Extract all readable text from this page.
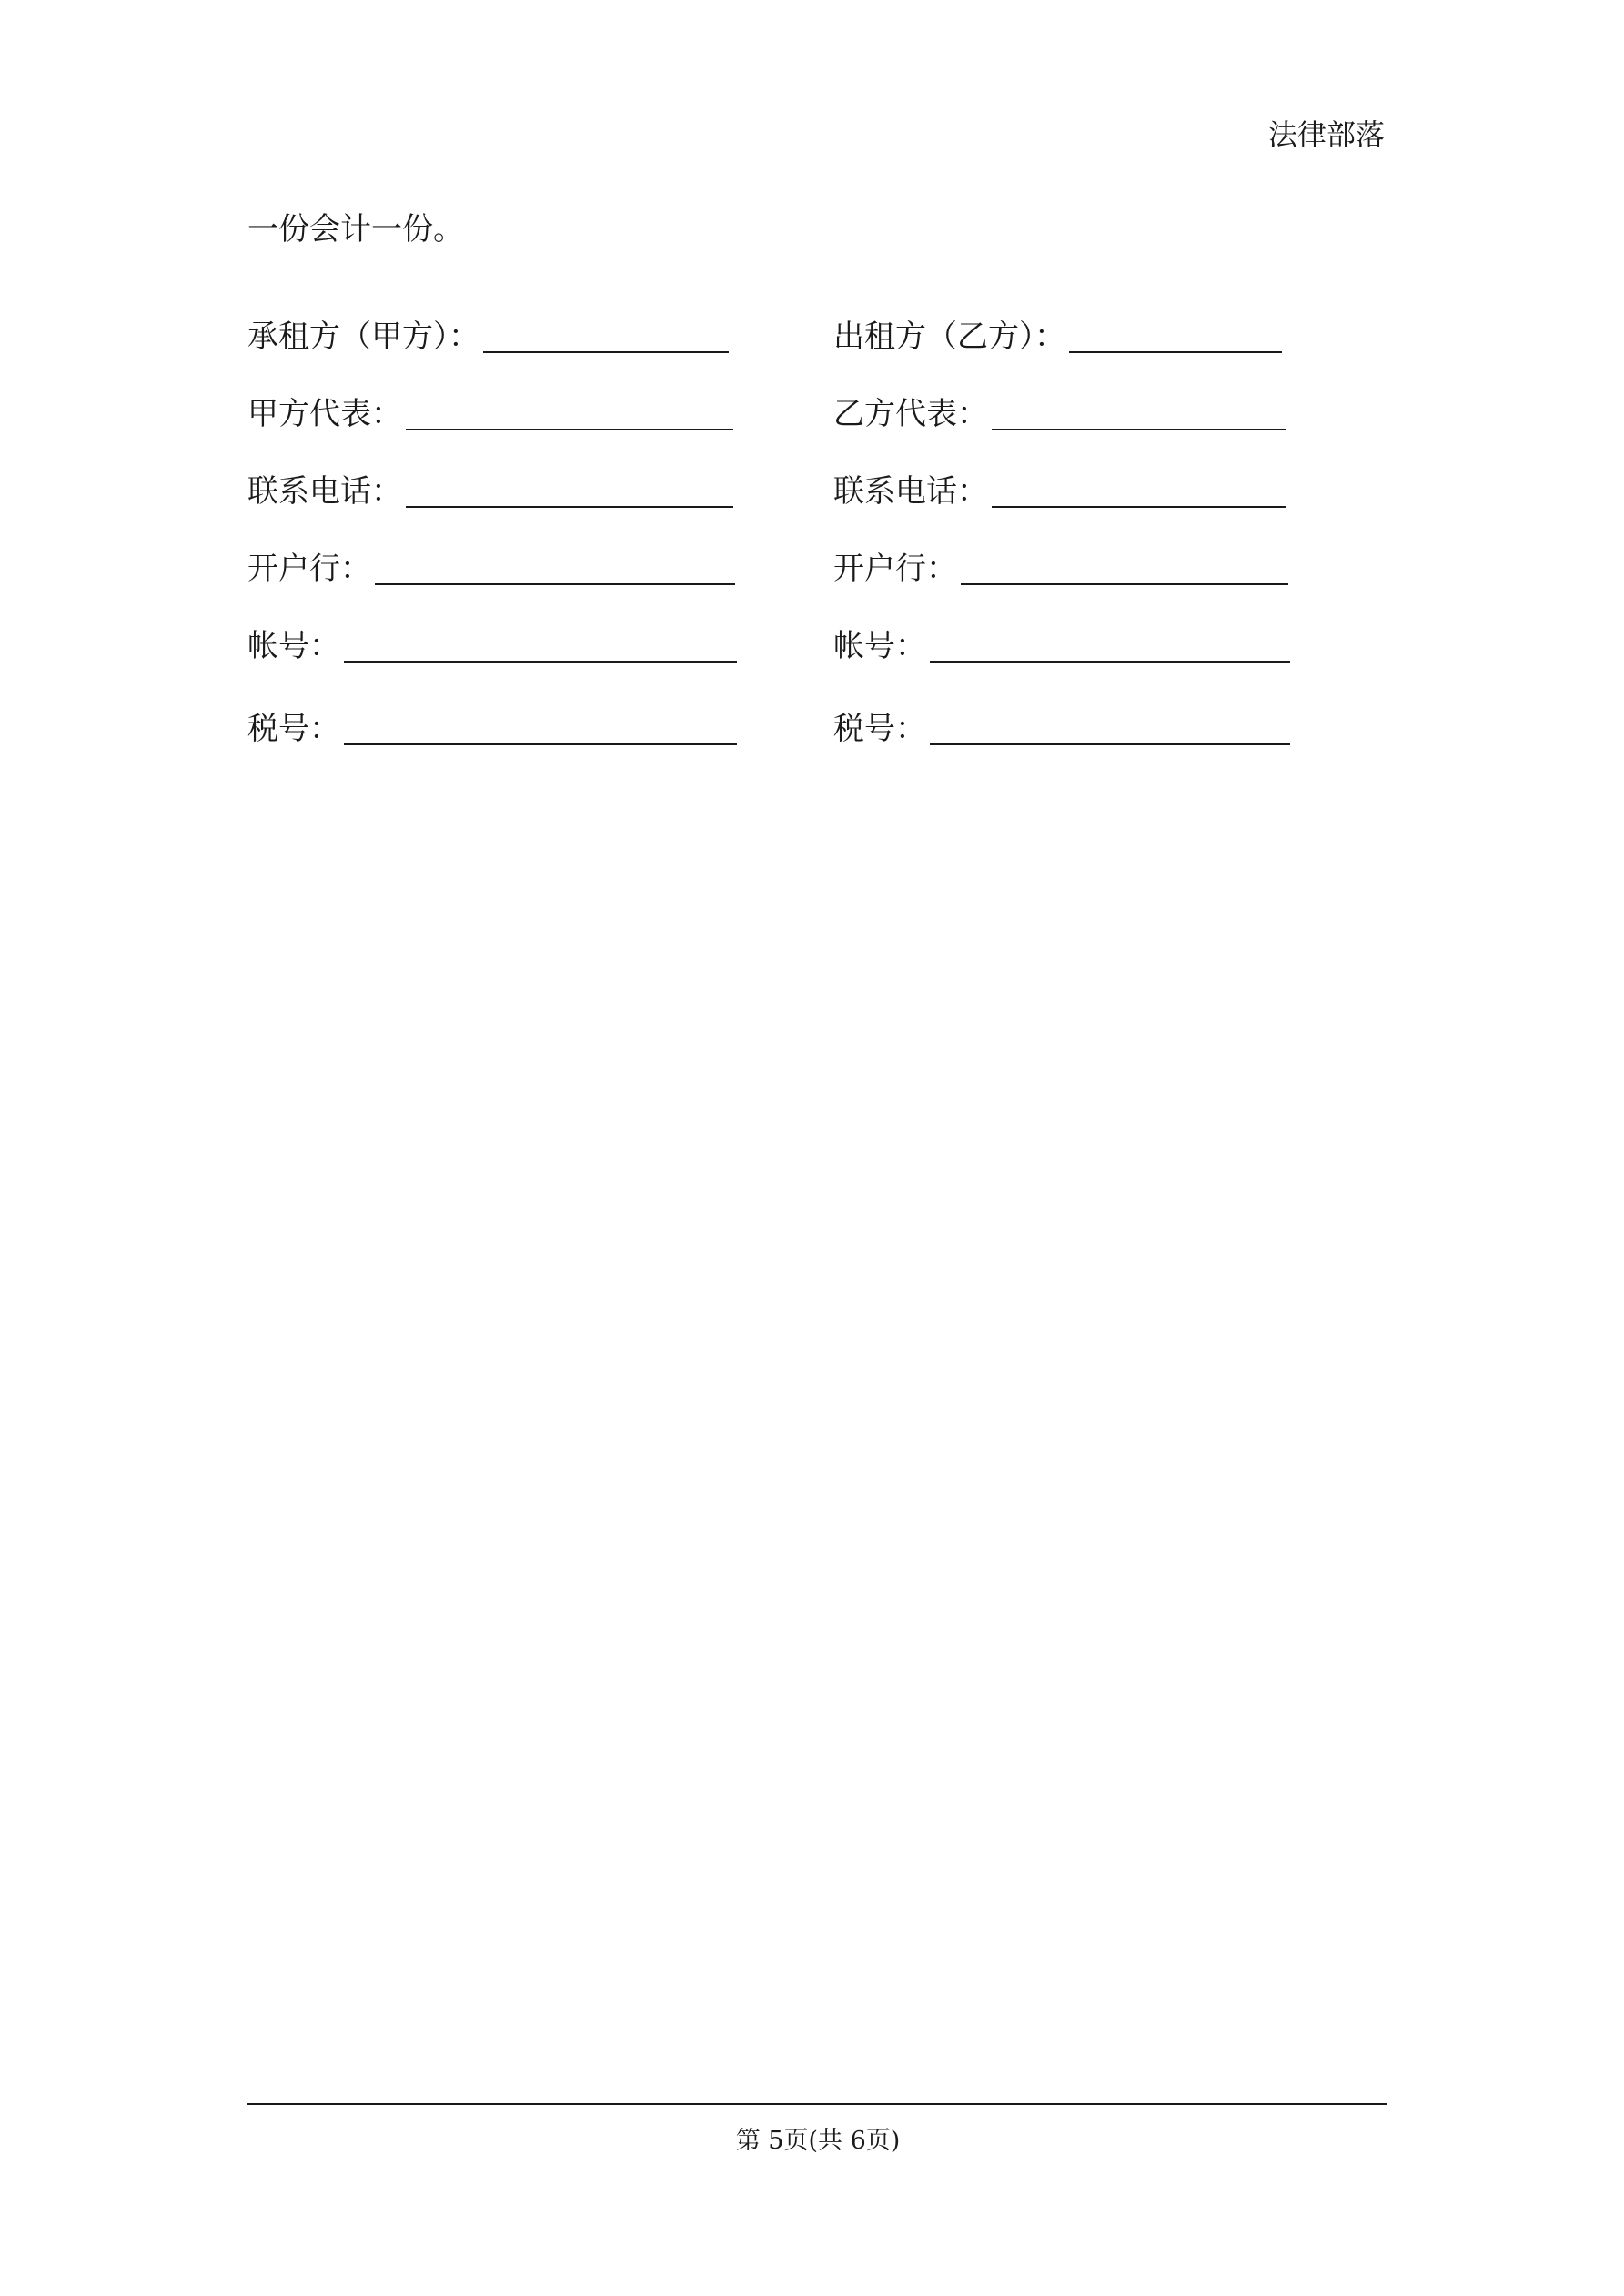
法律部落
一份会计一份。
承租方（甲方）：
甲方代表：
联系电话：
开户行：
帐号：
税号：
出租方（乙方）：
乙方代表：
联系电话：
开户行：
帐号：
税号：
第 5页(共 6页)
